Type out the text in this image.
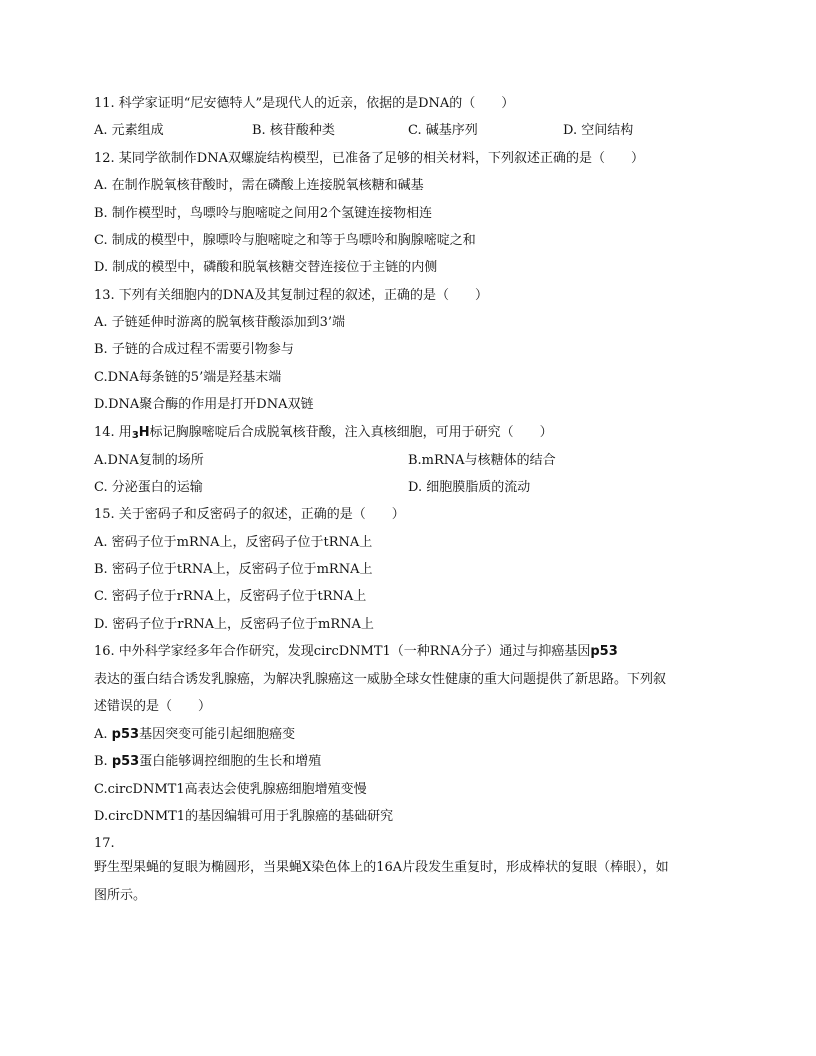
11. 科学家证明“尼安德特人”是现代人的近亲，依据的是DNA的（　　）
A. 元素组成	B. 核苷酸种类	C. 碱基序列	D. 空间结构
12. 某同学欲制作DNA双螺旋结构模型，已准备了足够的相关材料，下列叙述正确的是（　　）
A. 在制作脱氧核苷酸时，需在磷酸上连接脱氧核糖和碱基
B. 制作模型时，鸟嘌呤与胞嘧啶之间用2个氢键连接物相连
C. 制成的模型中，腺嘌呤与胞嘧啶之和等于鸟嘌呤和胸腺嘧啶之和
D. 制成的模型中，磷酸和脱氧核糖交替连接位于主链的内侧
13. 下列有关细胞内的DNA及其复制过程的叙述，正确的是（　　）
A. 子链延伸时游离的脱氧核苷酸添加到3’端
B. 子链的合成过程不需要引物参与
C.DNA每条链的5’端是羟基末端
D.DNA聚合酶的作用是打开DNA双链
14. 用$_3$H标记胸腺嘧啶后合成脱氧核苷酸，注入真核细胞，可用于研究（　　）
A.DNA复制的场所	B.mRNA与核糖体的结合
C. 分泌蛋白的运输	D. 细胞膜脂质的流动
15. 关于密码子和反密码子的叙述，正确的是（　　）
A. 密码子位于mRNA上，反密码子位于tRNA上
B. 密码子位于tRNA上，反密码子位于mRNA上
C. 密码子位于rRNA上，反密码子位于tRNA上
D. 密码子位于rRNA上，反密码子位于mRNA上
16. 中外科学家经多年合作研究，发现circDNMT1（一种RNA分子）通过与抑癌基因p53
表达的蛋白结合诱发乳腺癌，为解决乳腺癌这一威胁全球女性健康的重大问题提供了新思路。下列叙
述错误的是（　　）
A. p53基因突变可能引起细胞癌变
B. p53蛋白能够调控细胞的生长和增殖
C.circDNMT1高表达会使乳腺癌细胞增殖变慢
D.circDNMT1的基因编辑可用于乳腺癌的基础研究
17.
野生型果蝇的复眼为椭圆形，当果蝇X染色体上的16A片段发生重复时，形成棒状的复眼（棒眼），如
图所示。
